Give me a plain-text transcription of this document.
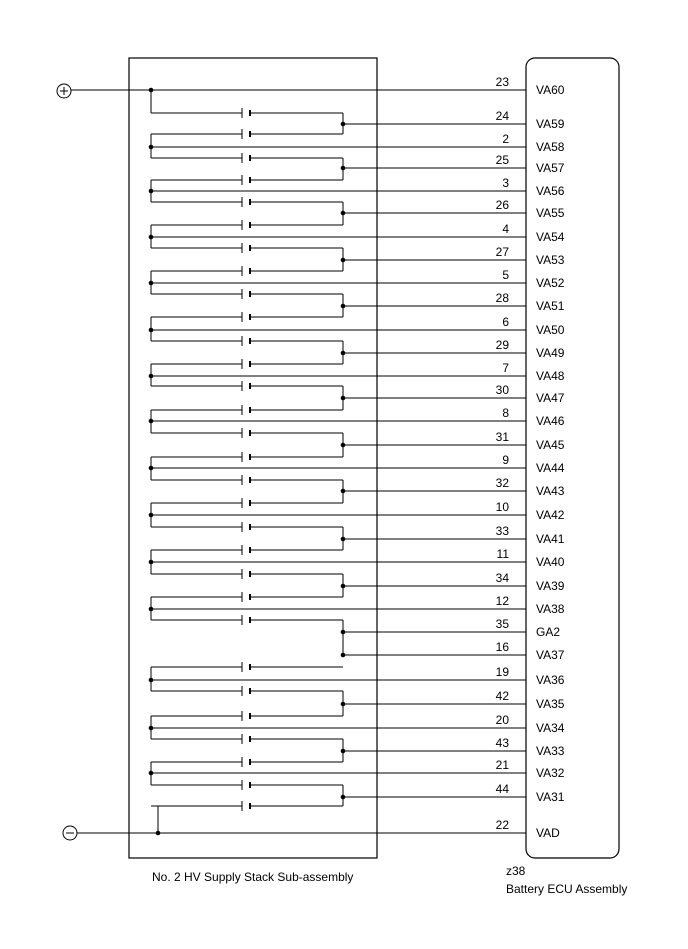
23
VA60
24
VA59
2
VA58
25
VA57
3
VA56
26
VA55
4
VA54
27
VA53
5
VA52
28
VA51
6
VA50
29
VA49
7
VA48
30
VA47
8
VA46
31
VA45
9
VA44
32
VA43
10
VA42
33
VA41
11
VA40
34
VA39
12
VA38
35
GA2
16
VA37
19
VA36
42
VA35
20
VA34
43
VA33
21
VA32
44
VA31
22
VAD
No. 2 HV Supply Stack Sub-assembly	z38
Battery ECU Assembly
